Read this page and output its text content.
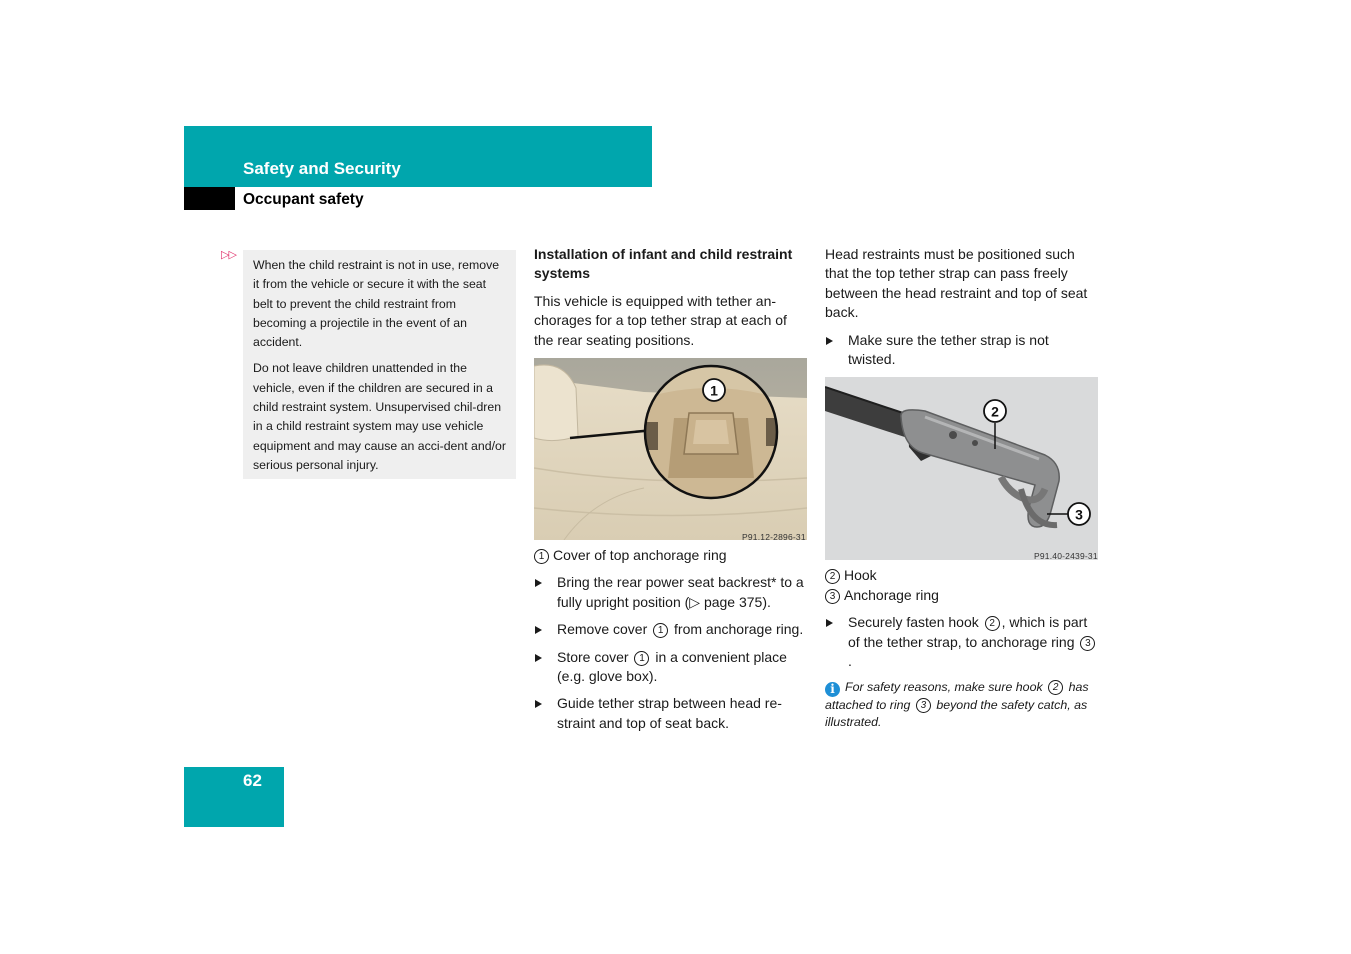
Safety and Security
Occupant safety
▷▷

When the child restraint is not in use, remove it from the vehicle or secure it with the seat belt to prevent the child restraint from becoming a projectile in the event of an accident.

Do not leave children unattended in the vehicle, even if the children are secured in a child restraint system. Unsupervised chil-dren in a child restraint system may use vehicle equipment and may cause an acci-dent and/or serious personal injury.

Installation of infant and child restraint systems

This vehicle is equipped with tether an-chorages for a top tether strap at each of the rear seating positions.

1
P91.12-2896-31

1 Cover of top anchorage ring

Bring the rear power seat backrest* to a fully upright position (▷ page 375).

Remove cover 1 from anchorage ring.

Store cover 1 in a convenient place (e.g. glove box).

Guide tether strap between head re-straint and top of seat back.

Head restraints must be positioned such that the top tether strap can pass freely between the head restraint and top of seat back.

Make sure the tether strap is not twisted.

2
3
P91.40-2439-31

2 Hook

3 Anchorage ring

Securely fasten hook 2 , which is part of the tether strap, to anchorage ring 3.

i For safety reasons, make sure hook 2 has attached to ring 3 beyond the safety catch, as illustrated.

62
